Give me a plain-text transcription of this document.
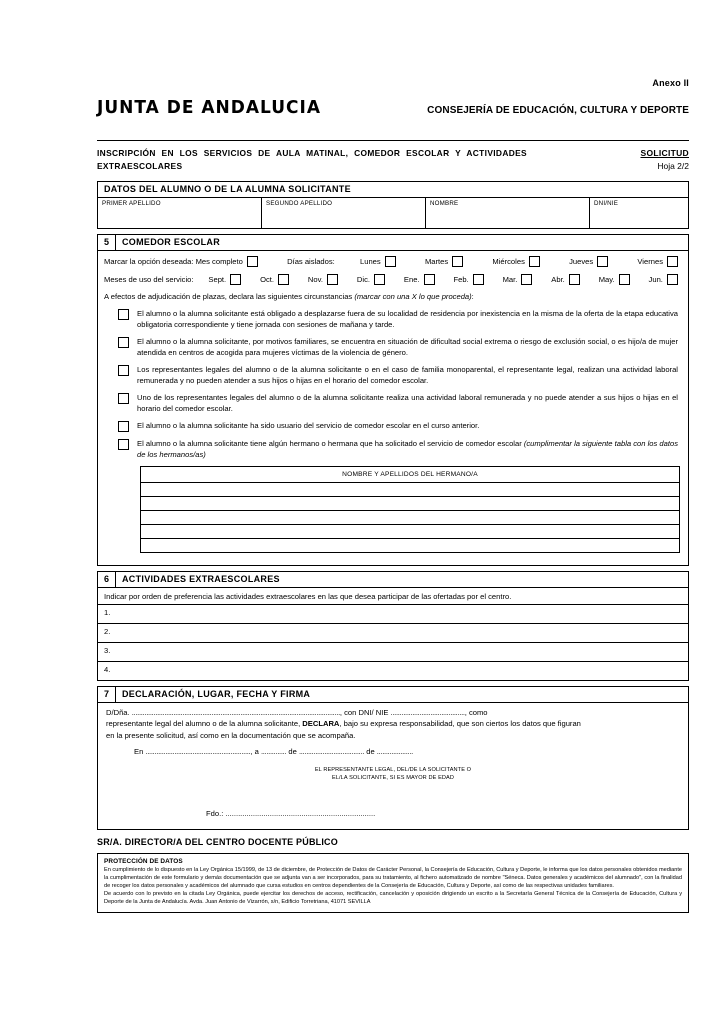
Anexo II
JUNTA DE ANDALUCIA	CONSEJERÍA DE EDUCACIÓN, CULTURA Y DEPORTE
INSCRIPCIÓN EN LOS SERVICIOS DE AULA MATINAL, COMEDOR ESCOLAR Y ACTIVIDADES EXTRAESCOLARES
SOLICITUD
Hoja 2/2
DATOS DEL ALUMNO O DE LA ALUMNA SOLICITANTE
PRIMER APELLIDO	SEGUNDO APELLIDO	NOMBRE	DNI/NIE
5	COMEDOR ESCOLAR
Marcar la opción deseada: Mes completo	Días aislados:	Lunes	Martes	Miércoles	Jueves	Viernes
Meses de uso del servicio: Sept.	Oct.	Nov.	Dic.	Ene.	Feb.	Mar.	Abr.	May.	Jun.
A efectos de adjudicación de plazas, declara las siguientes circunstancias (marcar con una X lo que proceda):
El alumno o la alumna solicitante está obligado a desplazarse fuera de su localidad de residencia por inexistencia en la misma de la oferta de la etapa educativa obligatoria correspondiente y tiene jornada con sesiones de mañana y tarde.
El alumno o la alumna solicitante, por motivos familiares, se encuentra en situación de dificultad social extrema o riesgo de exclusión social, o es hijo/a de mujer atendida en centros de acogida para mujeres víctimas de la violencia de género.
Los representantes legales del alumno o de la alumna solicitante o en el caso de familia monoparental, el representante legal, realizan una actividad laboral remunerada y no pueden atender a sus hijos o hijas en el horario del comedor escolar.
Uno de los representantes legales del alumno o de la alumna solicitante realiza una actividad laboral remunerada y no puede atender a sus hijos o hijas en el horario del comedor escolar.
El alumno o la alumna solicitante ha sido usuario del servicio de comedor escolar en el curso anterior.
El alumno o la alumna solicitante tiene algún hermano o hermana que ha solicitado el servicio de comedor escolar (cumplimentar la siguiente tabla con los datos de los hermanos/as)
NOMBRE Y APELLIDOS DEL HERMANO/A

6	ACTIVIDADES EXTRAESCOLARES
Indicar por orden de preferencia las actividades extraescolares en las que desea participar de las ofertadas por el centro.
1.
2.
3.
4.
7	DECLARACIÓN, LUGAR, FECHA Y FIRMA
D/Dña. ..................................................................................................................., con DNI/ NIE ........................................., como
representante legal del alumno o de la alumna solicitante, DECLARA, bajo su expresa responsabilidad, que son ciertos los datos que figuran
en la presente solicitud, así como en la documentación que se acompaña.
En .........................................................., a .............. de .................................... de ....................
EL REPRESENTANTE LEGAL, DEL/DE LA SOLICITANTE O
EL/LA SOLICITANTE, SI ES MAYOR DE EDAD
Fdo.: .......................................................................
SR/A. DIRECTOR/A DEL CENTRO DOCENTE PÚBLICO
PROTECCIÓN DE DATOS
En cumplimiento de lo dispuesto en la Ley Orgánica 15/1999, de 13 de diciembre, de Protección de Datos de Carácter Personal, la Consejería de Educación, Cultura y Deporte, le informa que los datos personales obtenidos mediante la cumplimentación de este formulario y demás documentación que se adjunta van a ser incorporados, para su tratamiento, al fichero automatizado de nombre "Séneca. Datos generales y académicos del alumnado", con la finalidad de recoger los datos personales y académicos del alumnado que cursa estudios en centros dependientes de la Consejería de Educación, Cultura y Deporte, así como de las respectivas unidades familiares.
De acuerdo con lo previsto en la citada Ley Orgánica, puede ejercitar los derechos de acceso, rectificación, cancelación y oposición dirigiendo un escrito a la Secretaría General Técnica de la Consejería de Educación, Cultura y Deporte de la Junta de Andalucía. Avda. Juan Antonio de Vizarrón, s/n, Edificio Torretriana, 41071 SEVILLA
